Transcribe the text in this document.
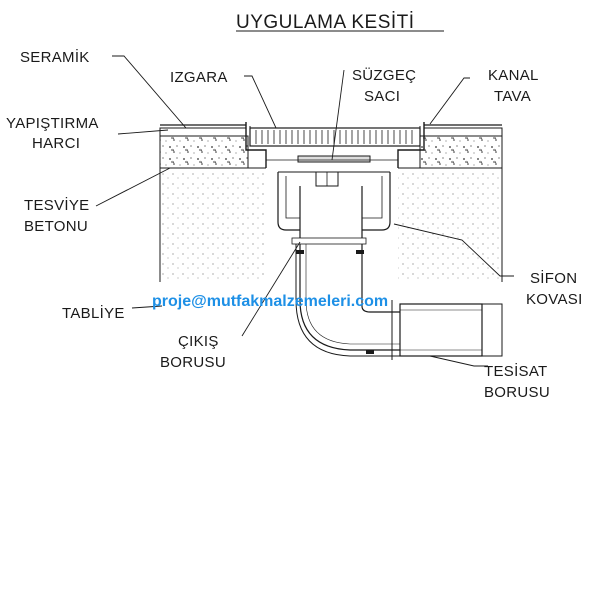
UYGULAMA KESİTİ
SERAMİK
YAPIŞTIRMA
HARCI
TESVİYE
BETONU
TABLİYE
IZGARA	SÜZGEÇ
SACI
KANAL
TAVA
SİFON
KOVASI
ÇIKIŞ
BORUSU
TESİSAT
BORUSU
proje@mutfakmalzemeleri.com
